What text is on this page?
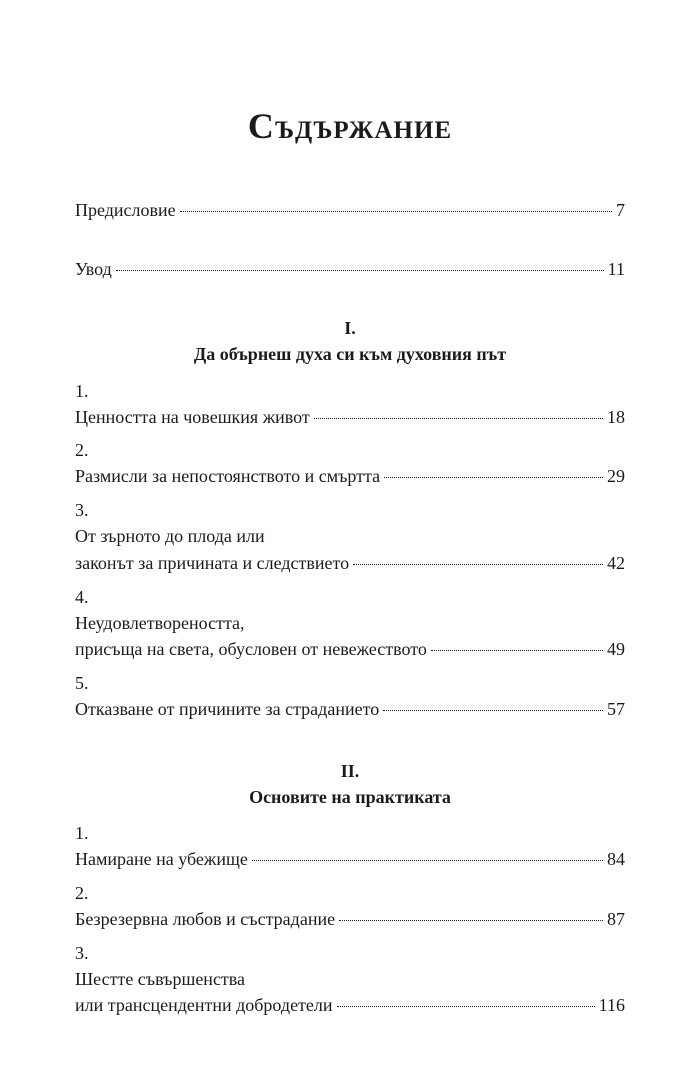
Съдържание
Предисловие	7
Увод	11
I.
Да обърнеш духа си към духовния път
1.
Ценността на човешкия живот	18
2.
Размисли за непостоянството и смъртта	29
3.
От зърното до плода или
законът за причината и следствието	42
4.
Неудовлетвореността,
присъща на света, обусловен от невежеството	49
5.
Отказване от причините за страданието	57
II.
Основите на практиката
1.
Намиране на убежище	84
2.
Безрезервна любов и състрадание	87
3.
Шестте съвършенства
или трансцендентни добродетели	116
